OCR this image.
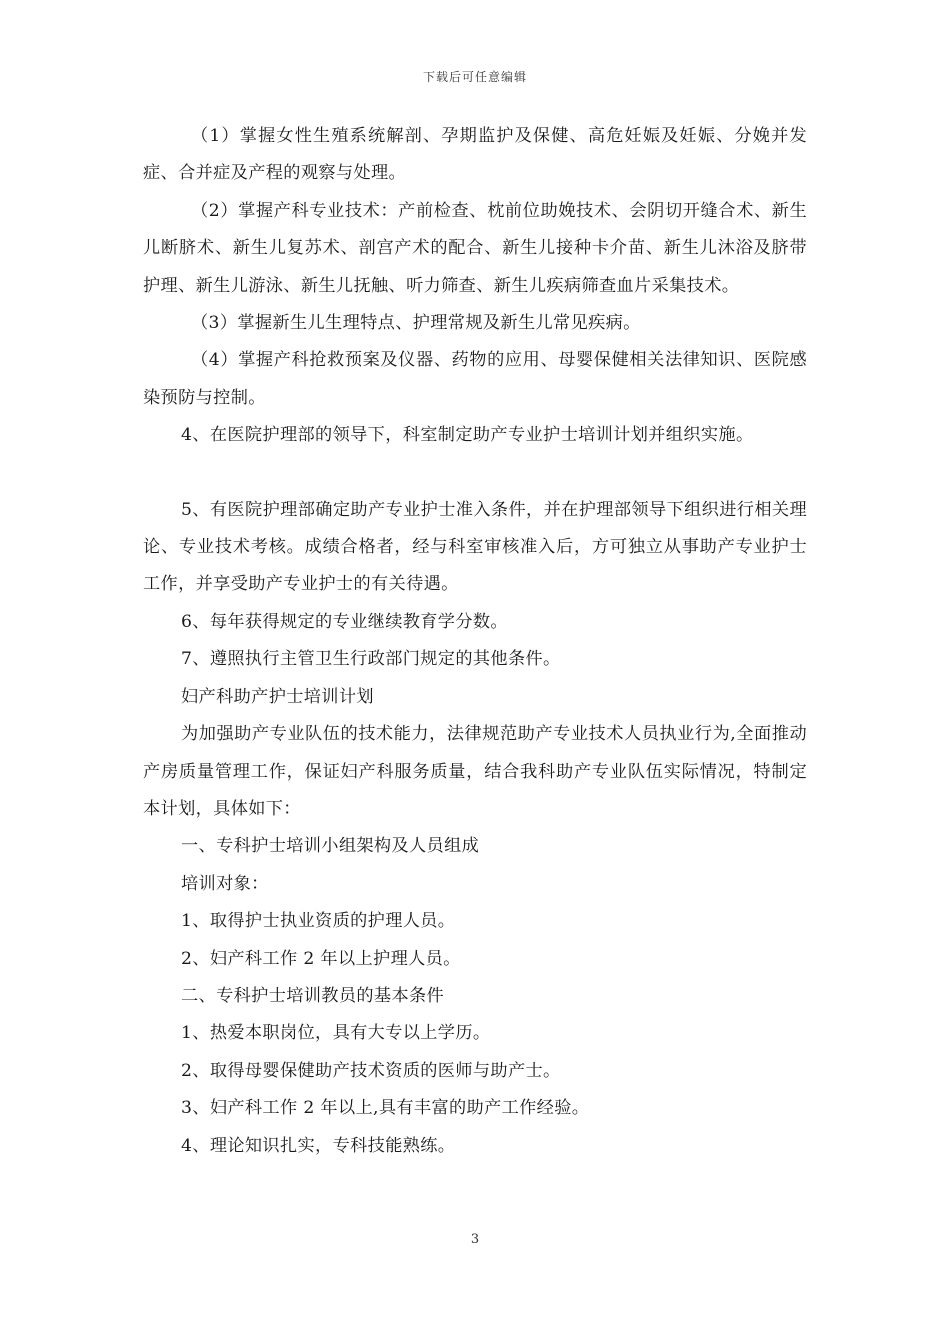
下载后可任意编辑

（1）掌握女性生殖系统解剖、孕期监护及保健、高危妊娠及妊娠、分娩并发症、合并症及产程的观察与处理。

（2）掌握产科专业技术：产前检查、枕前位助娩技术、会阴切开缝合术、新生儿断脐术、新生儿复苏术、剖宫产术的配合、新生儿接种卡介苗、新生儿沐浴及脐带护理、新生儿游泳、新生儿抚触、听力筛查、新生儿疾病筛查血片采集技术。

（3）掌握新生儿生理特点、护理常规及新生儿常见疾病。

（4）掌握产科抢救预案及仪器、药物的应用、母婴保健相关法律知识、医院感染预防与控制。

4、在医院护理部的领导下，科室制定助产专业护士培训计划并组织实施。

5、有医院护理部确定助产专业护士准入条件，并在护理部领导下组织进行相关理论、专业技术考核。成绩合格者，经与科室审核准入后，方可独立从事助产专业护士工作，并享受助产专业护士的有关待遇。

6、每年获得规定的专业继续教育学分数。

7、遵照执行主管卫生行政部门规定的其他条件。

妇产科助产护士培训计划

为加强助产专业队伍的技术能力，法律规范助产专业技术人员执业行为,全面推动产房质量管理工作，保证妇产科服务质量，结合我科助产专业队伍实际情况，特制定本计划，具体如下：

一、专科护士培训小组架构及人员组成

培训对象：

1、取得护士执业资质的护理人员。

2、妇产科工作 2 年以上护理人员。

二、专科护士培训教员的基本条件

1、热爱本职岗位，具有大专以上学历。

2、取得母婴保健助产技术资质的医师与助产士。

3、妇产科工作 2 年以上,具有丰富的助产工作经验。

4、理论知识扎实，专科技能熟练。

3
